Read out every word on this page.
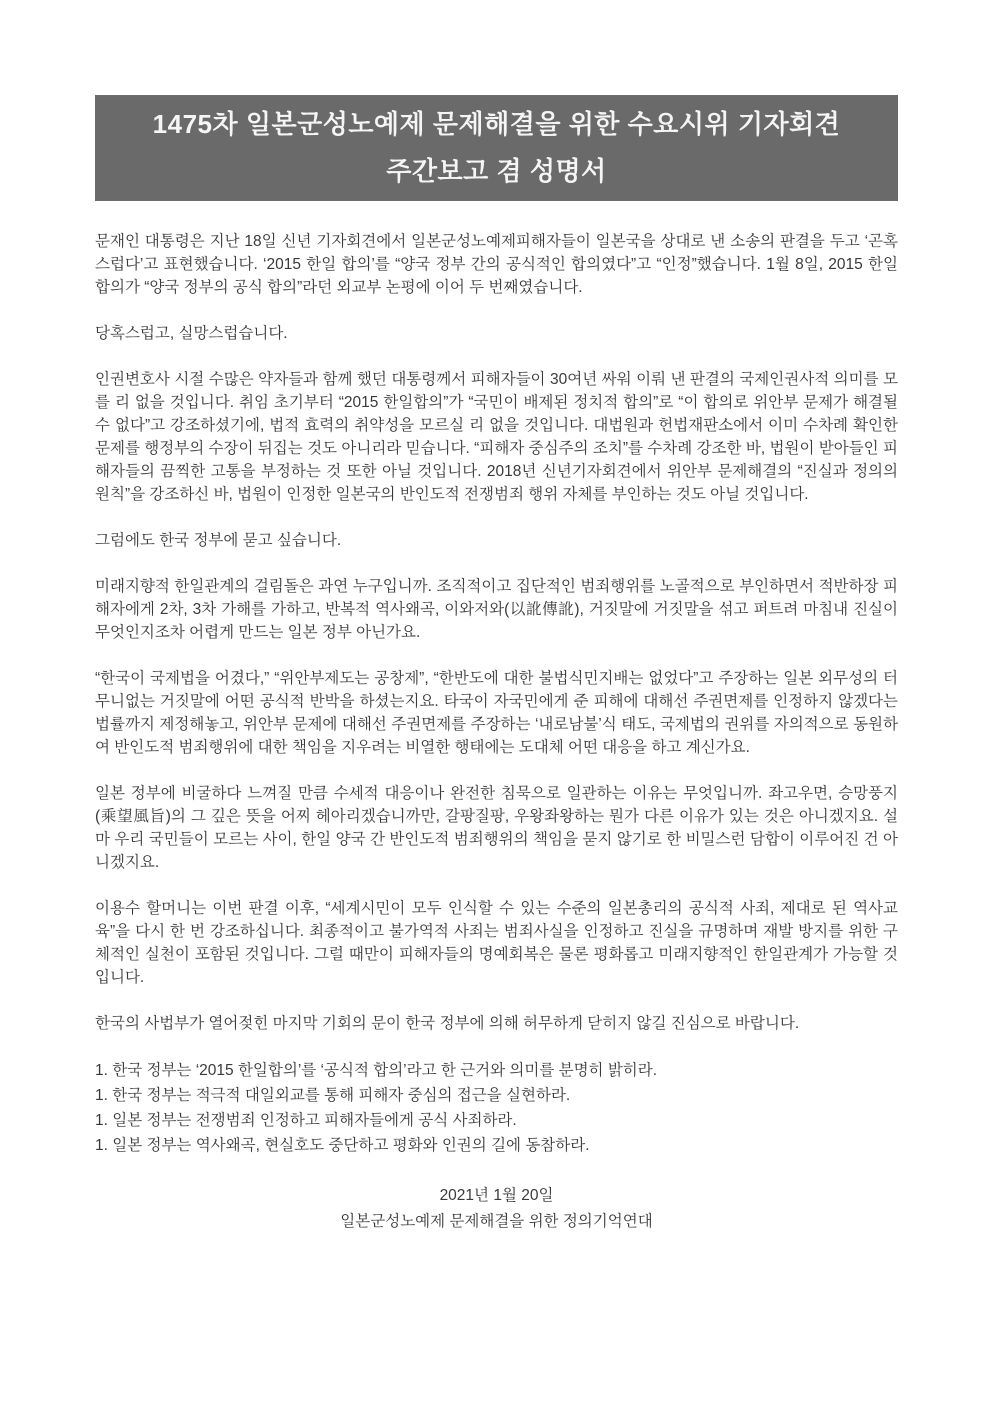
1475차 일본군성노예제 문제해결을 위한 수요시위 기자회견
주간보고 겸 성명서

문재인 대통령은 지난 18일 신년 기자회견에서 일본군성노예제피해자들이 일본국을 상대로 낸 소송의 판결을 두고 ‘곤혹스럽다’고 표현했습니다. ‘2015 한일 합의’를 “양국 정부 간의 공식적인 합의였다”고 “인정”했습니다. 1월 8일, 2015 한일합의가 “양국 정부의 공식 합의”라던 외교부 논평에 이어 두 번째였습니다.

당혹스럽고, 실망스럽습니다.

인권변호사 시절 수많은 약자들과 함께 했던 대통령께서 피해자들이 30여년 싸워 이뤄 낸 판결의 국제인권사적 의미를 모를 리 없을 것입니다. 취임 초기부터 “2015 한일합의”가 “국민이 배제된 정치적 합의”로 “이 합의로 위안부 문제가 해결될 수 없다”고 강조하셨기에, 법적 효력의 취약성을 모르실 리 없을 것입니다. 대법원과 헌법재판소에서 이미 수차례 확인한 문제를 행정부의 수장이 뒤집는 것도 아니리라 믿습니다. “피해자 중심주의 조치”를 수차례 강조한 바, 법원이 받아들인 피해자들의 끔찍한 고통을 부정하는 것 또한 아닐 것입니다. 2018년 신년기자회견에서 위안부 문제해결의 “진실과 정의의 원칙”을 강조하신 바, 법원이 인정한 일본국의 반인도적 전쟁범죄 행위 자체를 부인하는 것도 아닐 것입니다.

그럼에도 한국 정부에 묻고 싶습니다.

미래지향적 한일관계의 걸림돌은 과연 누구입니까. 조직적이고 집단적인 범죄행위를 노골적으로 부인하면서 적반하장 피해자에게 2차, 3차 가해를 가하고, 반복적 역사왜곡, 이와저와(以訛傳訛), 거짓말에 거짓말을 섞고 퍼트려 마침내 진실이 무엇인지조차 어렵게 만드는 일본 정부 아닌가요.

“한국이 국제법을 어겼다,” “위안부제도는 공창제”, “한반도에 대한 불법식민지배는 없었다”고 주장하는 일본 외무성의 터무니없는 거짓말에 어떤 공식적 반박을 하셨는지요. 타국이 자국민에게 준 피해에 대해선 주권면제를 인정하지 않겠다는 법률까지 제정해놓고, 위안부 문제에 대해선 주권면제를 주장하는 ‘내로남불’식 태도, 국제법의 권위를 자의적으로 동원하여 반인도적 범죄행위에 대한 책임을 지우려는 비열한 행태에는 도대체 어떤 대응을 하고 계신가요.

일본 정부에 비굴하다 느껴질 만큼 수세적 대응이나 완전한 침묵으로 일관하는 이유는 무엇입니까. 좌고우면, 승망풍지(乘望風旨)의 그 깊은 뜻을 어찌 헤아리겠습니까만, 갈팡질팡, 우왕좌왕하는 뭔가 다른 이유가 있는 것은 아니겠지요. 설마 우리 국민들이 모르는 사이, 한일 양국 간 반인도적 범죄행위의 책임을 묻지 않기로 한 비밀스런 담합이 이루어진 건 아니겠지요.

이용수 할머니는 이번 판결 이후, “세계시민이 모두 인식할 수 있는 수준의 일본총리의 공식적 사죄, 제대로 된 역사교육”을 다시 한 번 강조하십니다. 최종적이고 불가역적 사죄는 범죄사실을 인정하고 진실을 규명하며 재발 방지를 위한 구체적인 실천이 포함된 것입니다. 그럴 때만이 피해자들의 명예회복은 물론 평화롭고 미래지향적인 한일관계가 가능할 것입니다.

한국의 사법부가 열어젖힌 마지막 기회의 문이 한국 정부에 의해 허무하게 닫히지 않길 진심으로 바랍니다.

1. 한국 정부는 ‘2015 한일합의’를 ‘공식적 합의’라고 한 근거와 의미를 분명히 밝히라.
1. 한국 정부는 적극적 대일외교를 통해 피해자 중심의 접근을 실현하라.
1. 일본 정부는 전쟁범죄 인정하고 피해자들에게 공식 사죄하라.
1. 일본 정부는 역사왜곡, 현실호도 중단하고 평화와 인권의 길에 동참하라.
2021년 1월 20일
일본군성노예제 문제해결을 위한 정의기억연대
